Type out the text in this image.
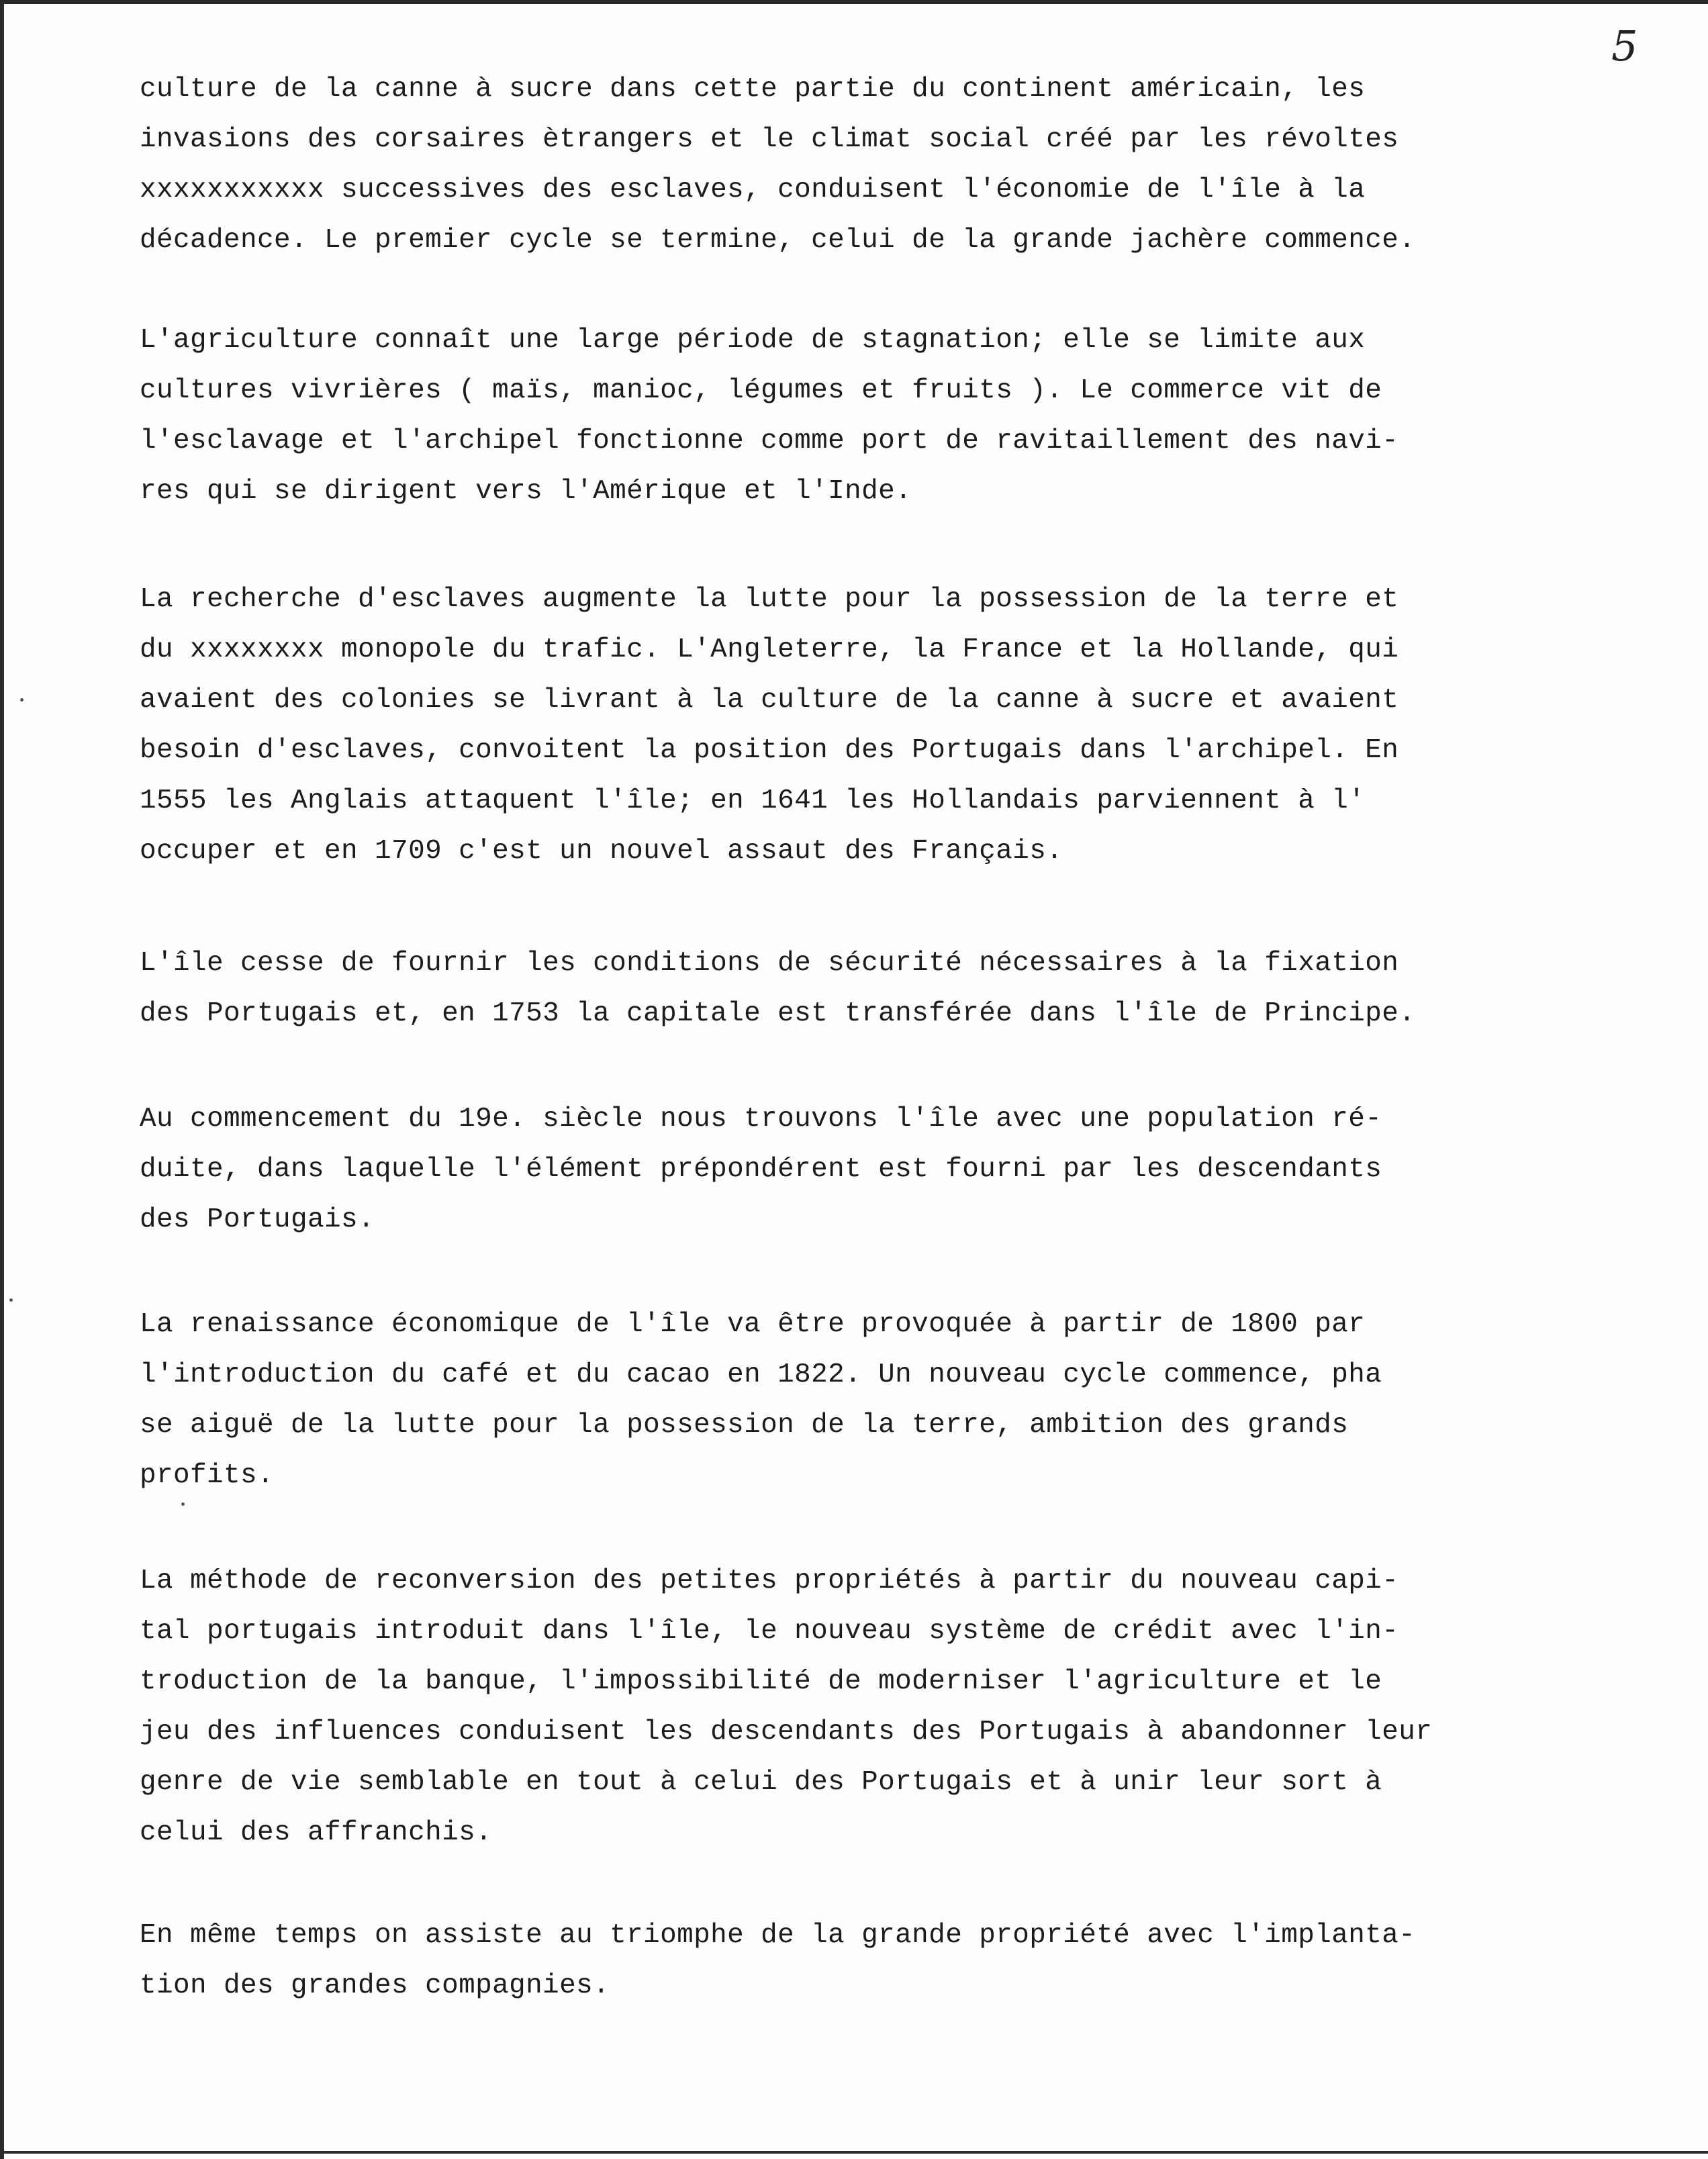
5
culture de la canne à sucre dans cette partie du continent américain, les
invasions des corsaires ètrangers et le climat social créé par les révoltes
xxxxxxxxxxx successives des esclaves, conduisent l'économie de l'île à la
décadence. Le premier cycle se termine, celui de la grande jachère commence.
L'agriculture connaît une large période de stagnation; elle se limite aux
cultures vivrières ( maïs, manioc, légumes et fruits ). Le commerce vit de
l'esclavage et l'archipel fonctionne comme port de ravitaillement des navi-
res qui se dirigent vers l'Amérique et l'Inde.
La recherche d'esclaves augmente la lutte pour la possession de la terre et
du xxxxxxxx monopole du trafic. L'Angleterre, la France et la Hollande, qui
avaient des colonies se livrant à la culture de la canne à sucre et avaient
besoin d'esclaves, convoitent la position des Portugais dans l'archipel. En
1555 les Anglais attaquent l'île; en 1641 les Hollandais parviennent à l'
occuper et en 1709 c'est un nouvel assaut des Français.
L'île cesse de fournir les conditions de sécurité nécessaires à la fixation
des Portugais et, en 1753 la capitale est transférée dans l'île de Principe.
Au commencement du 19e. siècle nous trouvons l'île avec une population ré-
duite, dans laquelle l'élément prépondérent est fourni par les descendants
des Portugais.
La renaissance économique de l'île va être provoquée à partir de 1800 par
l'introduction du café et du cacao en 1822. Un nouveau cycle commence, pha
se aiguë de la lutte pour la possession de la terre, ambition des grands
profits.
La méthode de reconversion des petites propriétés à partir du nouveau capi-
tal portugais introduit dans l'île, le nouveau système de crédit avec l'in-
troduction de la banque, l'impossibilité de moderniser l'agriculture et le
jeu des influences conduisent les descendants des Portugais à abandonner leur
genre de vie semblable en tout à celui des Portugais et à unir leur sort à
celui des affranchis.
En même temps on assiste au triomphe de la grande propriété avec l'implanta-
tion des grandes compagnies.
